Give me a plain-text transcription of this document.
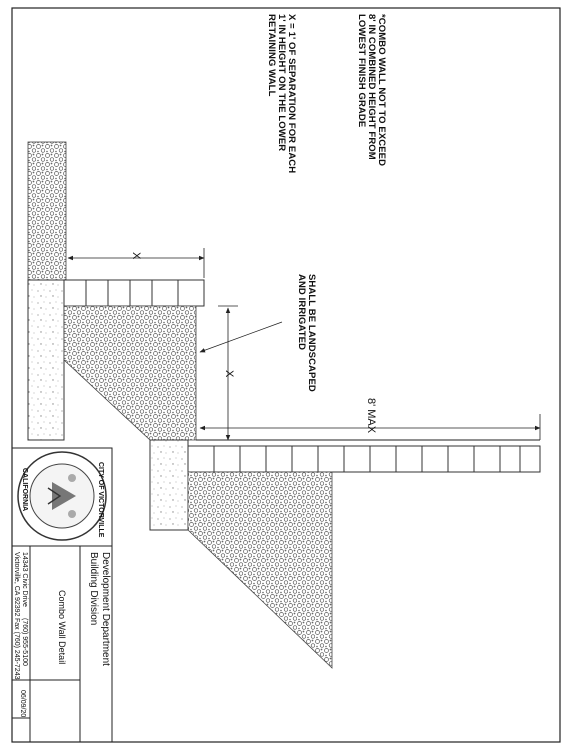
*COMBO WALL NOT TO EXCEED
8' IN COMBINED HEIGHT FROM
LOWEST FINISH GRADE
X = 1' OF SEPARATION FOR EACH
1' IN HEIGHT ON THE LOWER
RETAINING WALL
SHALL BE LANDSCAPED
AND IRRIGATED
X
X
8' MAX
CITY OF VICTORVILLE
CALIFORNIA
Development Department
Building Division
Combo Wall Detail
14343 Civic Drive
Victorville, CA 92392
(760) 955-5100
Fax (760) 245-7243
06/09/20
